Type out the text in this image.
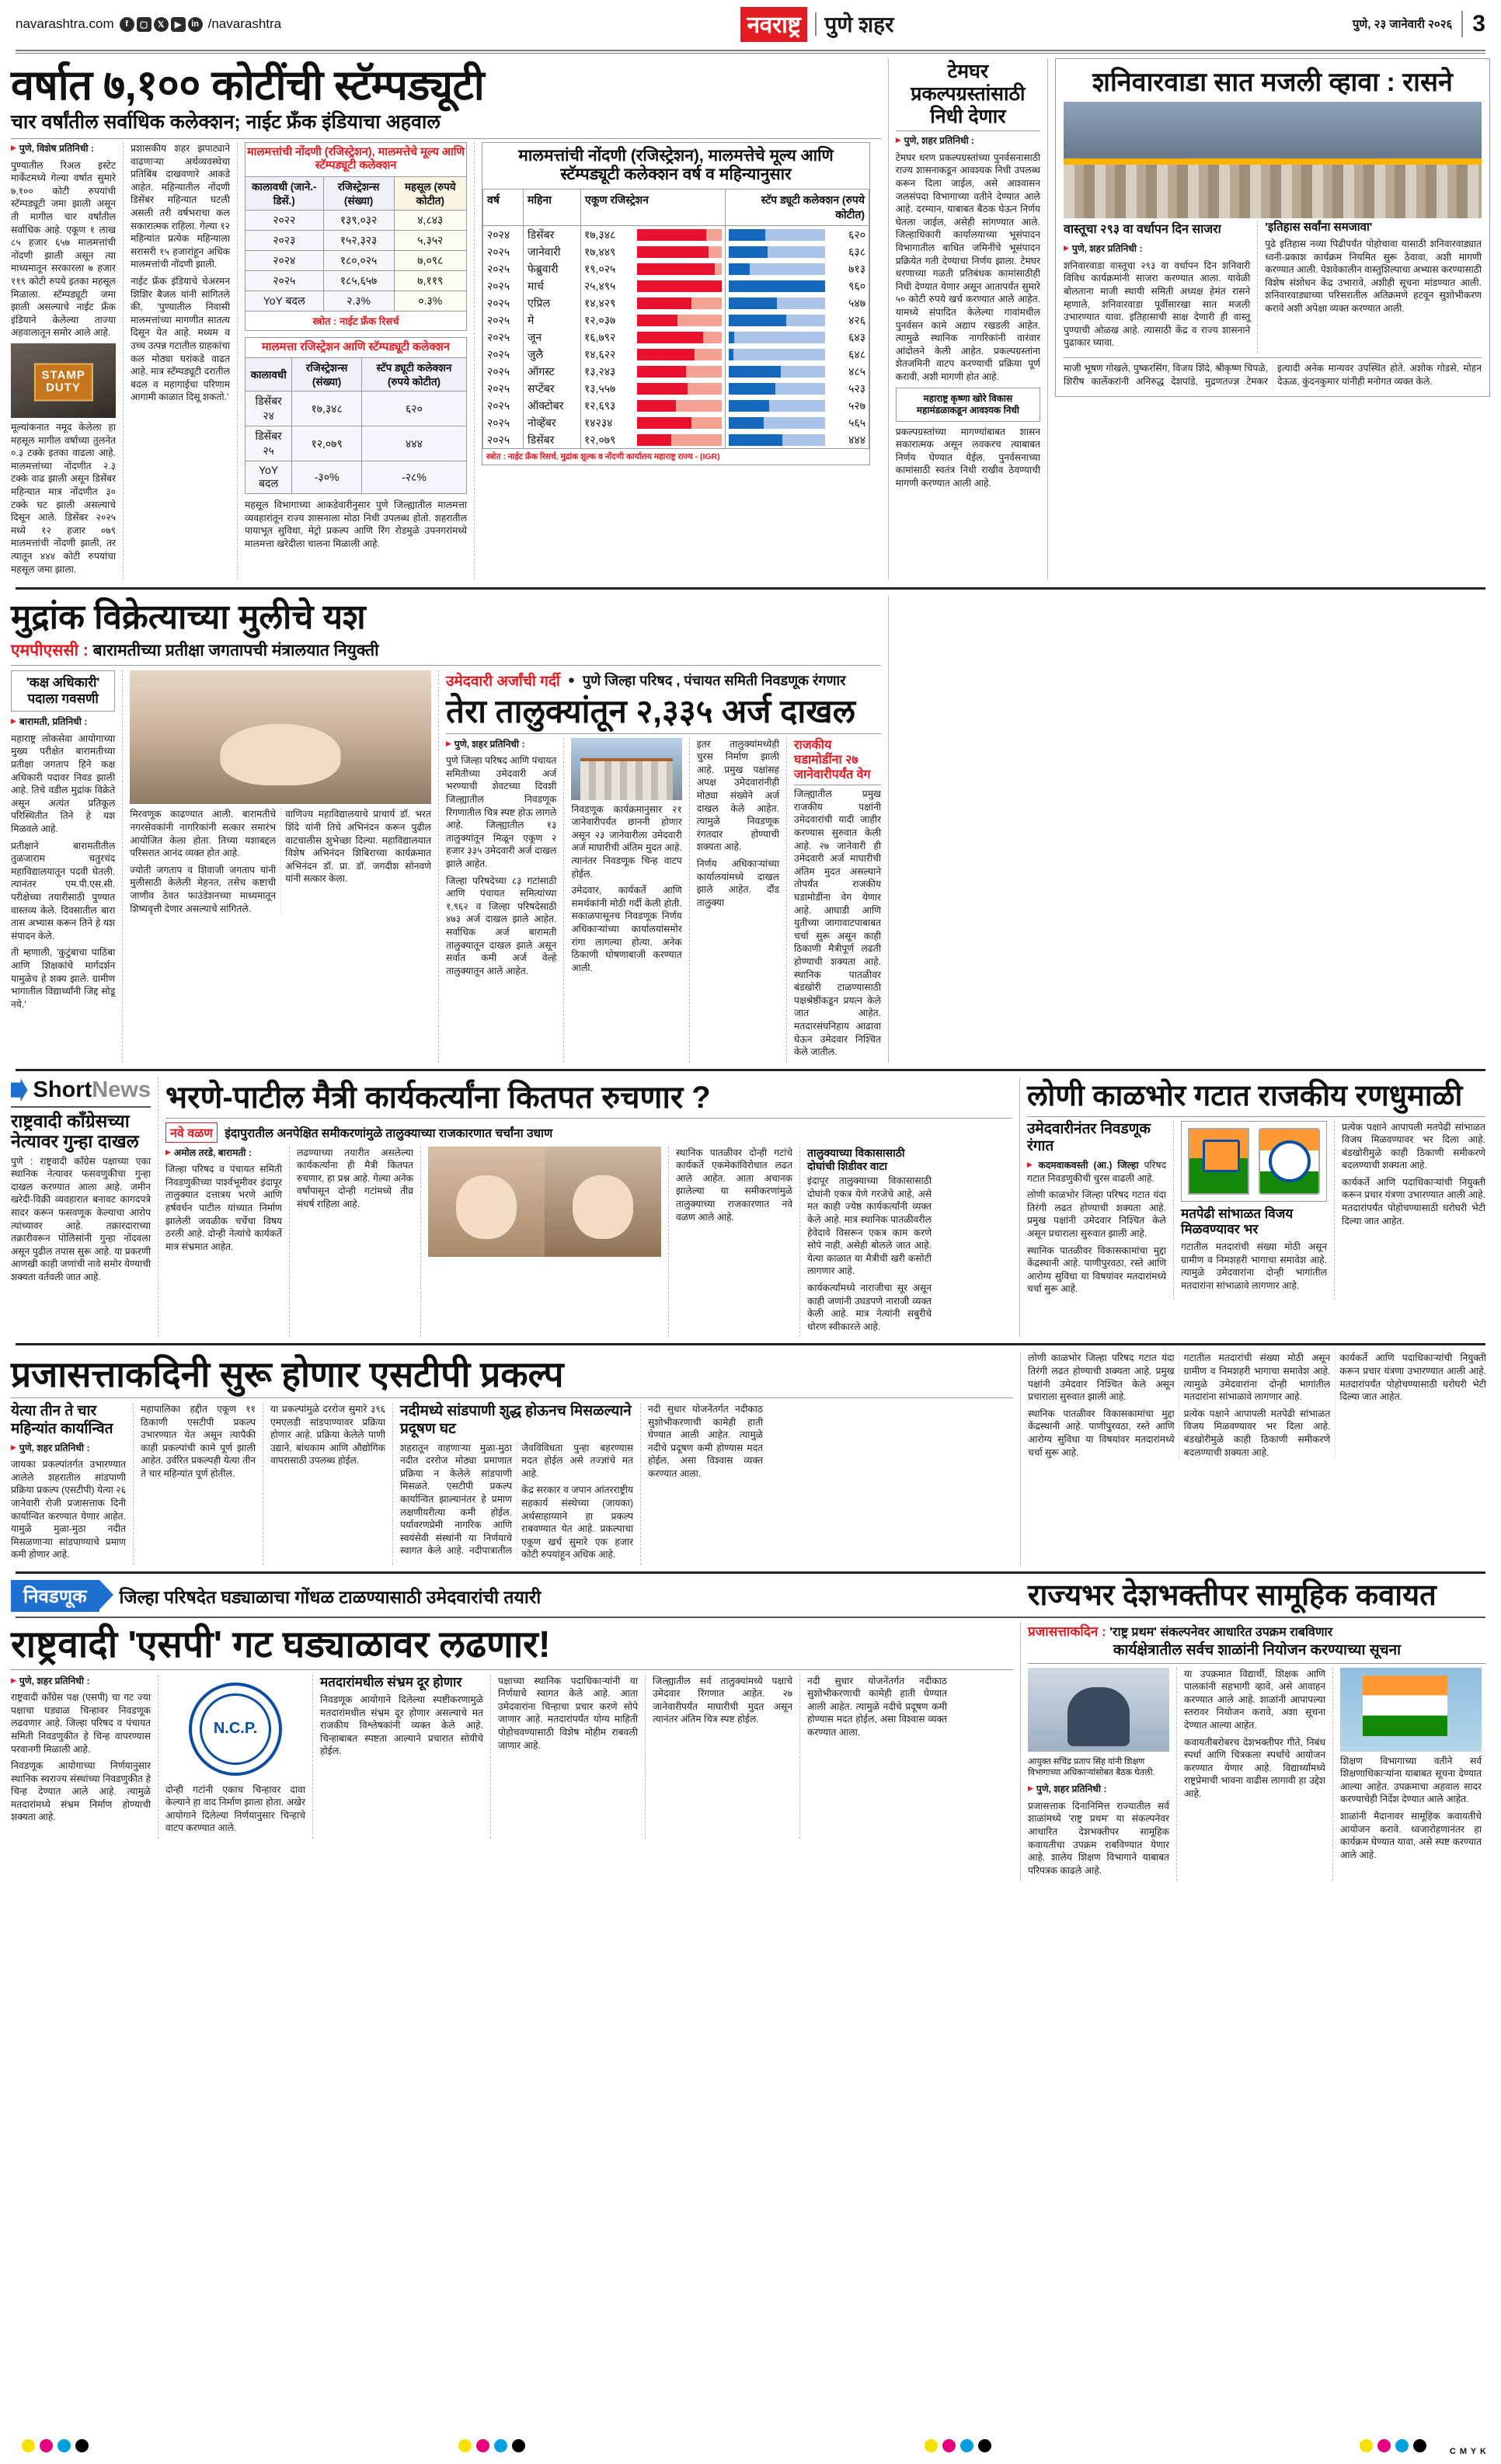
navarashtra.com	f	▢	𝕏	▶	in /navarashtra	नवराष्ट्र	पुणे शहर	पुणे, २३ जानेवारी २०२६ 3
वर्षात ७,१०० कोटींची स्टॅम्पड्यूटी
चार वर्षांतील सर्वाधिक कलेक्शन; नाईट फ्रँक इंडियाचा अहवाल

▶ पुणे, विशेष प्रतिनिधी :

पुण्यातील रिअल इस्टेट मार्केटमध्ये गेल्या वर्षात सुमारे ७,१०० कोटी रुपयांची स्टॅम्पड्यूटी जमा झाली असून ती मागील चार वर्षांतील सर्वाधिक आहे. एकूण १ लाख ८५ हजार ६५७ मालमत्तांची नोंदणी झाली असून त्या माध्यमातून सरकारला ७ हजार ११९ कोटी रुपये इतका महसूल मिळाला. स्टॅम्पड्यूटी जमा झाली असल्याचे नाईट फ्रँक इंडियाने केलेल्या ताज्या अहवालातून समोर आले आहे.

STAMP DUTY

मूल्यांकनात नमूद केलेला हा महसूल मागील वर्षाच्या तुलनेत ०.३ टक्के इतका वाढला आहे. मालमत्तांच्या नोंदणीत २.३ टक्के वाढ झाली असून डिसेंबर महिन्यात मात्र नोंदणीत ३० टक्के घट झाली असल्याचे दिसून आले. डिसेंबर २०२५ मध्ये १२ हजार ०७९ मालमत्तांची नोंदणी झाली, तर त्यातून ४४४ कोटी रुपयांचा महसूल जमा झाला.

प्रशासकीय शहर झपाट्याने वाढणाऱ्या अर्थव्यवस्थेचा प्रतिबिंब दाखवणारे आकडे आहेत. महिन्यातील नोंदणी डिसेंबर महिन्यात घटली असली तरी वर्षभराचा कल सकारात्मक राहिला. गेल्या १२ महिन्यांत प्रत्येक महिन्याला सरासरी १५ हजारांहून अधिक मालमत्तांची नोंदणी झाली.

नाईट फ्रँक इंडियाचे चेअरमन शिशिर बैजल यांनी सांगितले की, 'पुण्यातील निवासी मालमत्तांच्या मागणीत सातत्य दिसून येत आहे. मध्यम व उच्च उत्पन्न गटातील ग्राहकांचा कल मोठ्या घरांकडे वाढत आहे. मात्र स्टॅम्पड्यूटी दरातील बदल व महागाईचा परिणाम आगामी काळात दिसू शकतो.'

मालमत्तांची नोंदणी (रजिस्ट्रेशन), मालमत्तेचे मूल्य आणि स्टॅम्पड्यूटी कलेक्शन
कालावधी (जाने.-डिसें.)	रजिस्ट्रेशन्स (संख्या)	महसूल (रुपये कोटीत)
२०२२	१३९,०३२	४,८४३
२०२३	१५२,३२३	५,३५२
२०२४	१८०,०२५	७,०९८
२०२५	१८५,६५७	७,११९
YoY बदल	२.३%	०.३%
स्त्रोत : नाईट फ्रँक रिसर्च
मालमत्ता रजिस्ट्रेशन आणि स्टॅम्पड्यूटी कलेक्शन
कालावधी	रजिस्ट्रेशन्स (संख्या)	स्टॅप ड्यूटी कलेक्शन (रुपये कोटीत)
डिसेंबर २४	१७,३४८	६२०
डिसेंबर २५	१२,०७९	४४४
YoY बदल	-३०%	-२८%

महसूल विभागाच्या आकडेवारीनुसार पुणे जिल्ह्यातील मालमत्ता व्यवहारांतून राज्य शासनाला मोठा निधी उपलब्ध होतो. शहरातील पायाभूत सुविधा, मेट्रो प्रकल्प आणि रिंग रोडमुळे उपनगरांमध्ये मालमत्ता खरेदीला चालना मिळाली आहे.

मालमत्तांची नोंदणी (रजिस्ट्रेशन), मालमत्तेचे मूल्य आणि स्टॅम्पड्यूटी कलेक्शन वर्ष व महिन्यानुसार
वर्ष	महिना	एकूण रजिस्ट्रेशन	स्टॅप ड्यूटी कलेक्शन (रुपये कोटीत)
२०२४	डिसेंबर	१७,३४८	६२०

२०२५	जानेवारी	१७,४४९	६३८

२०२५	फेब्रुवारी	१९,०२५	७१३

२०२५	मार्च	२५,४९५	९६०

२०२५	एप्रिल	१४,४२९	५४७

२०२५	मे	१२,०३७	४२६

२०२५	जून	१६,७९२	६४३

२०२५	जुलै	१४,६२२	६४८

२०२५	ऑगस्ट	१३,२४३	४८५

२०२५	सप्टेंबर	१३,५५७	५२३

२०२५	ऑक्टोबर	१२,६९३	५२७

२०२५	नोव्हेंबर	१४२३४	५६५

२०२५	डिसेंबर	१२,०७९	४४४
स्त्रोत : नाईट फ्रँक रिसर्च, मुद्रांक शुल्क व नोंदणी कार्यालय महाराष्ट्र राज्य - (IGR)
टेमघर प्रकल्पग्रस्तांसाठी निधी देणार

▶ पुणे, शहर प्रतिनिधी :

टेमघर धरण प्रकल्पग्रस्तांच्या पुनर्वसनासाठी राज्य शासनाकडून आवश्यक निधी उपलब्ध करून दिला जाईल, असे आश्वासन जलसंपदा विभागाच्या वतीने देण्यात आले आहे. दरम्यान, याबाबत बैठक घेऊन निर्णय घेतला जाईल, असेही सांगण्यात आले. जिल्हाधिकारी कार्यालयाच्या भूसंपादन विभागातील बाधित जमिनींचे भूसंपादन प्रक्रियेत गती देण्याचा निर्णय झाला. टेमघर धरणाच्या गळती प्रतिबंधक कामांसाठीही निधी देण्यात येणार असून आतापर्यंत सुमारे ५० कोटी रुपये खर्च करण्यात आले आहेत. यामध्ये संपादित केलेल्या गावांमधील पुनर्वसन कामे अद्याप रखडली आहेत. त्यामुळे स्थानिक नागरिकांनी वारंवार आंदोलने केली आहेत. प्रकल्पग्रस्तांना शेतजमिनी वाटप करण्याची प्रक्रिया पूर्ण करावी, अशी मागणी होत आहे.

महाराष्ट्र कृष्णा खोरे विकास महामंडळाकडून आवश्यक निधी

प्रकल्पग्रस्तांच्या मागण्यांबाबत शासन सकारात्मक असून लवकरच त्याबाबत निर्णय घेण्यात येईल. पुनर्वसनाच्या कामांसाठी स्वतंत्र निधी राखीव ठेवण्याची मागणी करण्यात आली आहे.

शनिवारवाडा सात मजली व्हावा : रासने
वास्तूचा २९३ वा वर्धापन दिन साजरा

▶ पुणे, शहर प्रतिनिधी :

शनिवारवाडा वास्तूचा २९३ वा वर्धापन दिन शनिवारी विविध कार्यक्रमांनी साजरा करण्यात आला. यावेळी बोलताना माजी स्थायी समिती अध्यक्ष हेमंत रासने म्हणाले, शनिवारवाडा पूर्वीसारखा सात मजली उभारण्यात यावा. इतिहासाची साक्ष देणारी ही वास्तू पुण्याची ओळख आहे. त्यासाठी केंद्र व राज्य शासनाने पुढाकार घ्यावा.

'इतिहास सर्वांना समजावा'

पुढे इतिहास नव्या पिढीपर्यंत पोहोचावा यासाठी शनिवारवाड्यात ध्वनी-प्रकाश कार्यक्रम नियमित सुरू ठेवावा, अशी मागणी करण्यात आली. पेशवेकालीन वास्तुशिल्पाचा अभ्यास करण्यासाठी विशेष संशोधन केंद्र उभारावे, अशीही सूचना मांडण्यात आली. शनिवारवाड्याच्या परिसरातील अतिक्रमणे हटवून सुशोभीकरण करावे अशी अपेक्षा व्यक्त करण्यात आली.

माजी भूषण गोखले, पुष्करसिंग, विजय शिंदे, श्रीकृष्ण चिपळे, शिरीष कार्लेकरांनी अनिरुद्ध देशपांडे, मुद्रणतज्ज्ञ टेमकर इत्यादी अनेक मान्यवर उपस्थित होते. अशोक गोडसे, मोहन देऊळ, कुंदनकुमार यांनीही मनोगत व्यक्त केले.

मुद्रांक विक्रेत्याच्या मुलीचे यश
एमपीएससी : बारामतीच्या प्रतीक्षा जगतापची मंत्रालयात नियुक्ती
'कक्ष अधिकारी' पदाला गवसणी

▶ बारामती, प्रतिनिधी :

महाराष्ट्र लोकसेवा आयोगाच्या मुख्य परीक्षेत बारामतीच्या प्रतीक्षा जगताप हिने कक्ष अधिकारी पदावर निवड झाली आहे. तिचे वडील मुद्रांक विक्रेते असून अत्यंत प्रतिकूल परिस्थितीत तिने हे यश मिळवले आहे.

प्रतीक्षाने बारामतीतील तुळजाराम चतुरचंद महाविद्यालयातून पदवी घेतली. त्यानंतर एम.पी.एस.सी. परीक्षेच्या तयारीसाठी पुण्यात वास्तव्य केले. दिवसातील बारा तास अभ्यास करून तिने हे यश संपादन केले.

ती म्हणाली, 'कुटुंबाचा पाठिंबा आणि शिक्षकांचे मार्गदर्शन यामुळेच हे शक्य झाले. ग्रामीण भागातील विद्यार्थ्यांनी जिद्द सोडू नये.'

मिरवणूक काढण्यात आली. बारामतीचे नगरसेवकांनी नागरिकांनी सत्कार समारंभ आयोजित केला होता. तिच्या यशाबद्दल परिसरात आनंद व्यक्त होत आहे.

ज्योती जगताप व शिवाजी जगताप यांनी मुलीसाठी केलेली मेहनत, तसेच कष्टाची जाणीव ठेवत फाउंडेशनच्या माध्यमातून शिष्यवृत्ती देणार असल्याचे सांगितले.

वाणिज्य महाविद्यालयाचे प्राचार्य डॉ. भरत शिंदे यांनी तिचे अभिनंदन करून पुढील वाटचालीस शुभेच्छा दिल्या. महाविद्यालयात विशेष अभिनंदन शिबिराच्या कार्यक्रमात अभिनंदन डॉ. प्रा. डॉ. जगदीश सोनवणे यांनी सत्कार केला.

उमेदवारी अर्जांची गर्दी ● पुणे जिल्हा परिषद , पंचायत समिती निवडणूक रंगणार
तेरा तालुक्यांतून २,३३५ अर्ज दाखल

▶ पुणे, शहर प्रतिनिधी :

पुणे जिल्हा परिषद आणि पंचायत समितीच्या उमेदवारी अर्ज भरण्याची शेवटच्या दिवशी जिल्ह्यातील निवडणूक रिंगणातील चित्र स्पष्ट होऊ लागले आहे. जिल्ह्यातील १३ तालुक्यांतून मिळून एकूण २ हजार ३३५ उमेदवारी अर्ज दाखल झाले आहेत.

जिल्हा परिषदेच्या ८३ गटांसाठी आणि पंचायत समित्यांच्या १,९६२ व जिल्हा परिषदेसाठी ४७३ अर्ज दाखल झाले आहेत. सर्वाधिक अर्ज बारामती तालुक्यातून दाखल झाले असून सर्वात कमी अर्ज वेल्हे तालुक्यातून आले आहेत.

निवडणूक कार्यक्रमानुसार २१ जानेवारीपर्यंत छाननी होणार असून २३ जानेवारीला उमेदवारी अर्ज माघारीची अंतिम मुदत आहे. त्यानंतर निवडणूक चिन्ह वाटप होईल.

उमेदवार, कार्यकर्ते आणि समर्थकांनी मोठी गर्दी केली होती. सकाळपासूनच निवडणूक निर्णय अधिकाऱ्यांच्या कार्यालयांसमोर रांगा लागल्या होत्या. अनेक ठिकाणी घोषणाबाजी करण्यात आली.

इतर तालुक्यांमध्येही चुरस निर्माण झाली आहे. प्रमुख पक्षांसह अपक्ष उमेदवारांनीही मोठ्या संख्येने अर्ज दाखल केले आहेत. त्यामुळे निवडणूक रंगतदार होण्याची शक्यता आहे.

निर्णय अधिकाऱ्यांच्या कार्यालयांमध्ये दाखल झाले आहेत. दौंड तालुक्या

राजकीय घडामोडींना २७ जानेवारीपर्यंत वेग

जिल्ह्यातील प्रमुख राजकीय पक्षांनी उमेदवारांची यादी जाहीर करण्यास सुरुवात केली आहे. २७ जानेवारी ही उमेदवारी अर्ज माघारीची अंतिम मुदत असल्याने तोपर्यंत राजकीय घडामोडींना वेग येणार आहे. आघाडी आणि युतीच्या जागावाटपाबाबत चर्चा सुरू असून काही ठिकाणी मैत्रीपूर्ण लढती होण्याची शक्यता आहे. स्थानिक पातळीवर बंडखोरी टाळण्यासाठी पक्षश्रेष्ठींकडून प्रयत्न केले जात आहेत. मतदारसंघनिहाय आढावा घेऊन उमेदवार निश्चित केले जातील.

ShortNews
राष्ट्रवादी काँग्रेसच्या नेत्यावर गुन्हा दाखल

पुणे : राष्ट्रवादी काँग्रेस पक्षाच्या एका स्थानिक नेत्यावर फसवणुकीचा गुन्हा दाखल करण्यात आला आहे. जमीन खरेदी-विक्री व्यवहारात बनावट कागदपत्रे सादर करून फसवणूक केल्याचा आरोप त्यांच्यावर आहे. तक्रारदाराच्या तक्रारीवरून पोलिसांनी गुन्हा नोंदवला असून पुढील तपास सुरू आहे. या प्रकरणी आणखी काही जणांची नावे समोर येण्याची शक्यता वर्तवली जात आहे.

भरणे-पाटील मैत्री कार्यकर्त्यांना कितपत रुचणार ?
नवे वळण इंदापुरातील अनपेक्षित समीकरणांमुळे तालुक्याच्या राजकारणात चर्चांना उधाण

▶ अमोल तरडे, बारामती :

जिल्हा परिषद व पंचायत समिती निवडणुकीच्या पार्श्वभूमीवर इंदापूर तालुक्यात दत्तात्रय भरणे आणि हर्षवर्धन पाटील यांच्यात निर्माण झालेली जवळीक चर्चेचा विषय ठरली आहे. दोन्ही नेत्यांचे कार्यकर्ते मात्र संभ्रमात आहेत.

लढण्याच्या तयारीत असलेल्या कार्यकर्त्यांना ही मैत्री कितपत रुचणार, हा प्रश्न आहे. गेल्या अनेक वर्षांपासून दोन्ही गटांमध्ये तीव्र संघर्ष राहिला आहे.

स्थानिक पातळीवर दोन्ही गटांचे कार्यकर्ते एकमेकांविरोधात लढत आले आहेत. आता अचानक झालेल्या या समीकरणांमुळे तालुक्याच्या राजकारणात नवे वळण आले आहे.

तालुक्याच्या विकासासाठी दोघांची शिडीवर वाटा

इंदापूर तालुक्याच्या विकासासाठी दोघांनी एकत्र येणे गरजेचे आहे, असे मत काही ज्येष्ठ कार्यकर्त्यांनी व्यक्त केले आहे. मात्र स्थानिक पातळीवरील हेवेदावे विसरून एकत्र काम करणे सोपे नाही, असेही बोलले जात आहे. येत्या काळात या मैत्रीची खरी कसोटी लागणार आहे.

कार्यकर्त्यांमध्ये नाराजीचा सूर असून काही जणांनी उघडपणे नाराजी व्यक्त केली आहे. मात्र नेत्यांनी सबुरीचे धोरण स्वीकारले आहे.

लोणी काळभोर गटात राजकीय रणधुमाळी
उमेदवारीनंतर निवडणूक रंगात

▶ कदमवाकवस्ती (आ.) जिल्हा परिषद गटात निवडणुकीची चुरस वाढली आहे.

लोणी काळभोर जिल्हा परिषद गटात यंदा तिरंगी लढत होण्याची शक्यता आहे. प्रमुख पक्षांनी उमेदवार निश्चित केले असून प्रचाराला सुरुवात झाली आहे.

स्थानिक पातळीवर विकासकामांचा मुद्दा केंद्रस्थानी आहे. पाणीपुरवठा, रस्ते आणि आरोग्य सुविधा या विषयांवर मतदारांमध्ये चर्चा सुरू आहे.

मतपेढी सांभाळत विजय मिळवण्यावर भर

गटातील मतदारांची संख्या मोठी असून ग्रामीण व निमशहरी भागाचा समावेश आहे. त्यामुळे उमेदवारांना दोन्ही भागांतील मतदारांना सांभाळावे लागणार आहे.

प्रत्येक पक्षाने आपापली मतपेढी सांभाळत विजय मिळवण्यावर भर दिला आहे. बंडखोरीमुळे काही ठिकाणी समीकरणे बदलण्याची शक्यता आहे.

कार्यकर्ते आणि पदाधिकाऱ्यांची नियुक्ती करून प्रचार यंत्रणा उभारण्यात आली आहे. मतदारांपर्यंत पोहोचण्यासाठी घरोघरी भेटी दिल्या जात आहेत.

प्रजासत्ताकदिनी सुरू होणार एसटीपी प्रकल्प
येत्या तीन ते चार महिन्यांत कार्यान्वित

▶ पुणे, शहर प्रतिनिधी :

जायका प्रकल्पांतर्गत उभारण्यात आलेले शहरातील सांडपाणी प्रक्रिया प्रकल्प (एसटीपी) येत्या २६ जानेवारी रोजी प्रजासत्ताक दिनी कार्यान्वित करण्यात येणार आहेत. यामुळे मुळा-मुठा नदीत मिसळणाऱ्या सांडपाण्याचे प्रमाण कमी होणार आहे.

महापालिका हद्दीत एकूण ११ ठिकाणी एसटीपी प्रकल्प उभारण्यात येत असून त्यापैकी काही प्रकल्पांची कामे पूर्ण झाली आहेत. उर्वरित प्रकल्पही येत्या तीन ते चार महिन्यांत पूर्ण होतील.

या प्रकल्पांमुळे दररोज सुमारे ३९६ एमएलडी सांडपाण्यावर प्रक्रिया होणार आहे. प्रक्रिया केलेले पाणी उद्याने, बांधकाम आणि औद्योगिक वापरासाठी उपलब्ध होईल.

नदीमध्ये सांडपाणी शुद्ध होऊनच मिसळल्याने प्रदूषण घट

शहरातून वाहणाऱ्या मुळा-मुठा नदीत दररोज मोठ्या प्रमाणात प्रक्रिया न केलेले सांडपाणी मिसळते. एसटीपी प्रकल्प कार्यान्वित झाल्यानंतर हे प्रमाण लक्षणीयरीत्या कमी होईल. पर्यावरणप्रेमी नागरिक आणि स्वयंसेवी संस्थांनी या निर्णयाचे स्वागत केले आहे. नदीपात्रातील जैवविविधता पुन्हा बहरण्यास मदत होईल असे तज्ज्ञांचे मत आहे.

केंद्र सरकार व जपान आंतरराष्ट्रीय सहकार्य संस्थेच्या (जायका) अर्थसाहाय्याने हा प्रकल्प राबवण्यात येत आहे. प्रकल्पाचा एकूण खर्च सुमारे एक हजार कोटी रुपयांहून अधिक आहे.

नदी सुधार योजनेंतर्गत नदीकाठ सुशोभीकरणाची कामेही हाती घेण्यात आली आहेत. त्यामुळे नदीचे प्रदूषण कमी होण्यास मदत होईल, असा विश्वास व्यक्त करण्यात आला.

लोणी काळभोर जिल्हा परिषद गटात यंदा तिरंगी लढत होण्याची शक्यता आहे. प्रमुख पक्षांनी उमेदवार निश्चित केले असून प्रचाराला सुरुवात झाली आहे.

स्थानिक पातळीवर विकासकामांचा मुद्दा केंद्रस्थानी आहे. पाणीपुरवठा, रस्ते आणि आरोग्य सुविधा या विषयांवर मतदारांमध्ये चर्चा सुरू आहे.

गटातील मतदारांची संख्या मोठी असून ग्रामीण व निमशहरी भागाचा समावेश आहे. त्यामुळे उमेदवारांना दोन्ही भागांतील मतदारांना सांभाळावे लागणार आहे.

प्रत्येक पक्षाने आपापली मतपेढी सांभाळत विजय मिळवण्यावर भर दिला आहे. बंडखोरीमुळे काही ठिकाणी समीकरणे बदलण्याची शक्यता आहे.

कार्यकर्ते आणि पदाधिकाऱ्यांची नियुक्ती करून प्रचार यंत्रणा उभारण्यात आली आहे. मतदारांपर्यंत पोहोचण्यासाठी घरोघरी भेटी दिल्या जात आहेत.

निवडणूक	जिल्हा परिषदेत घड्याळाचा गोंधळ टाळण्यासाठी उमेदवारांची तयारी	राज्यभर देशभक्तीपर सामूहिक कवायत
राष्ट्रवादी 'एसपी' गट घड्याळावर लढणार!

▶ पुणे, शहर प्रतिनिधी :

राष्ट्रवादी काँग्रेस पक्ष (एसपी) चा गट ज्या पक्षाचा घड्याळ चिन्हावर निवडणूक लढवणार आहे. जिल्हा परिषद व पंचायत समिती निवडणुकीत हे चिन्ह वापरण्यास परवानगी मिळाली आहे.

निवडणूक आयोगाच्या निर्णयानुसार स्थानिक स्वराज्य संस्थांच्या निवडणुकीत हे चिन्ह देण्यात आले आहे. त्यामुळे मतदारांमध्ये संभ्रम निर्माण होण्याची शक्यता आहे.

N.C.P.

दोन्ही गटांनी एकाच चिन्हावर दावा केल्याने हा वाद निर्माण झाला होता. अखेर आयोगाने दिलेल्या निर्णयानुसार चिन्हाचे वाटप करण्यात आले.

मतदारांमधील संभ्रम दूर होणार

निवडणूक आयोगाने दिलेल्या स्पष्टीकरणामुळे मतदारांमधील संभ्रम दूर होणार असल्याचे मत राजकीय विश्लेषकांनी व्यक्त केले आहे. चिन्हाबाबत स्पष्टता आल्याने प्रचारात सोयीचे होईल.

पक्षाच्या स्थानिक पदाधिकाऱ्यांनी या निर्णयाचे स्वागत केले आहे. आता उमेदवारांना चिन्हाचा प्रचार करणे सोपे जाणार आहे. मतदारांपर्यंत योग्य माहिती पोहोचवण्यासाठी विशेष मोहीम राबवली जाणार आहे.

जिल्ह्यातील सर्व तालुक्यांमध्ये पक्षाचे उमेदवार रिंगणात आहेत. २७ जानेवारीपर्यंत माघारीची मुदत असून त्यानंतर अंतिम चित्र स्पष्ट होईल.

नदी सुधार योजनेंतर्गत नदीकाठ सुशोभीकरणाची कामेही हाती घेण्यात आली आहेत. त्यामुळे नदीचे प्रदूषण कमी होण्यास मदत होईल, असा विश्वास व्यक्त करण्यात आला.

प्रजासत्ताकदिन : 'राष्ट्र प्रथम' संकल्पनेवर आधारित उपक्रम राबविणार
कार्यक्षेत्रातील सर्वच शाळांनी नियोजन करण्याच्या सूचना
आयुक्त सचिंद्र प्रताप सिंह यांनी शिक्षण विभागाच्या अधिकाऱ्यांसोबत बैठक घेतली.

▶ पुणे, शहर प्रतिनिधी :

प्रजासत्ताक दिनानिमित्त राज्यातील सर्व शाळांमध्ये 'राष्ट्र प्रथम' या संकल्पनेवर आधारित देशभक्तीपर सामूहिक कवायतीचा उपक्रम राबविण्यात येणार आहे. शालेय शिक्षण विभागाने याबाबत परिपत्रक काढले आहे.

या उपक्रमात विद्यार्थी, शिक्षक आणि पालकांनी सहभागी व्हावे, असे आवाहन करण्यात आले आहे. शाळांनी आपापल्या स्तरावर नियोजन करावे, अशा सूचना देण्यात आल्या आहेत.

कवायतीबरोबरच देशभक्तीपर गीते, निबंध स्पर्धा आणि चित्रकला स्पर्धांचे आयोजन करण्यात येणार आहे. विद्यार्थ्यांमध्ये राष्ट्रप्रेमाची भावना वाढीस लागावी हा उद्देश आहे.

शिक्षण विभागाच्या वतीने सर्व शिक्षणाधिकाऱ्यांना याबाबत सूचना देण्यात आल्या आहेत. उपक्रमाचा अहवाल सादर करण्याचेही निर्देश देण्यात आले आहेत.

शाळांनी मैदानावर सामूहिक कवायतीचे आयोजन करावे. ध्वजारोहणानंतर हा कार्यक्रम घेण्यात यावा, असे स्पष्ट करण्यात आले आहे.

C M Y K
